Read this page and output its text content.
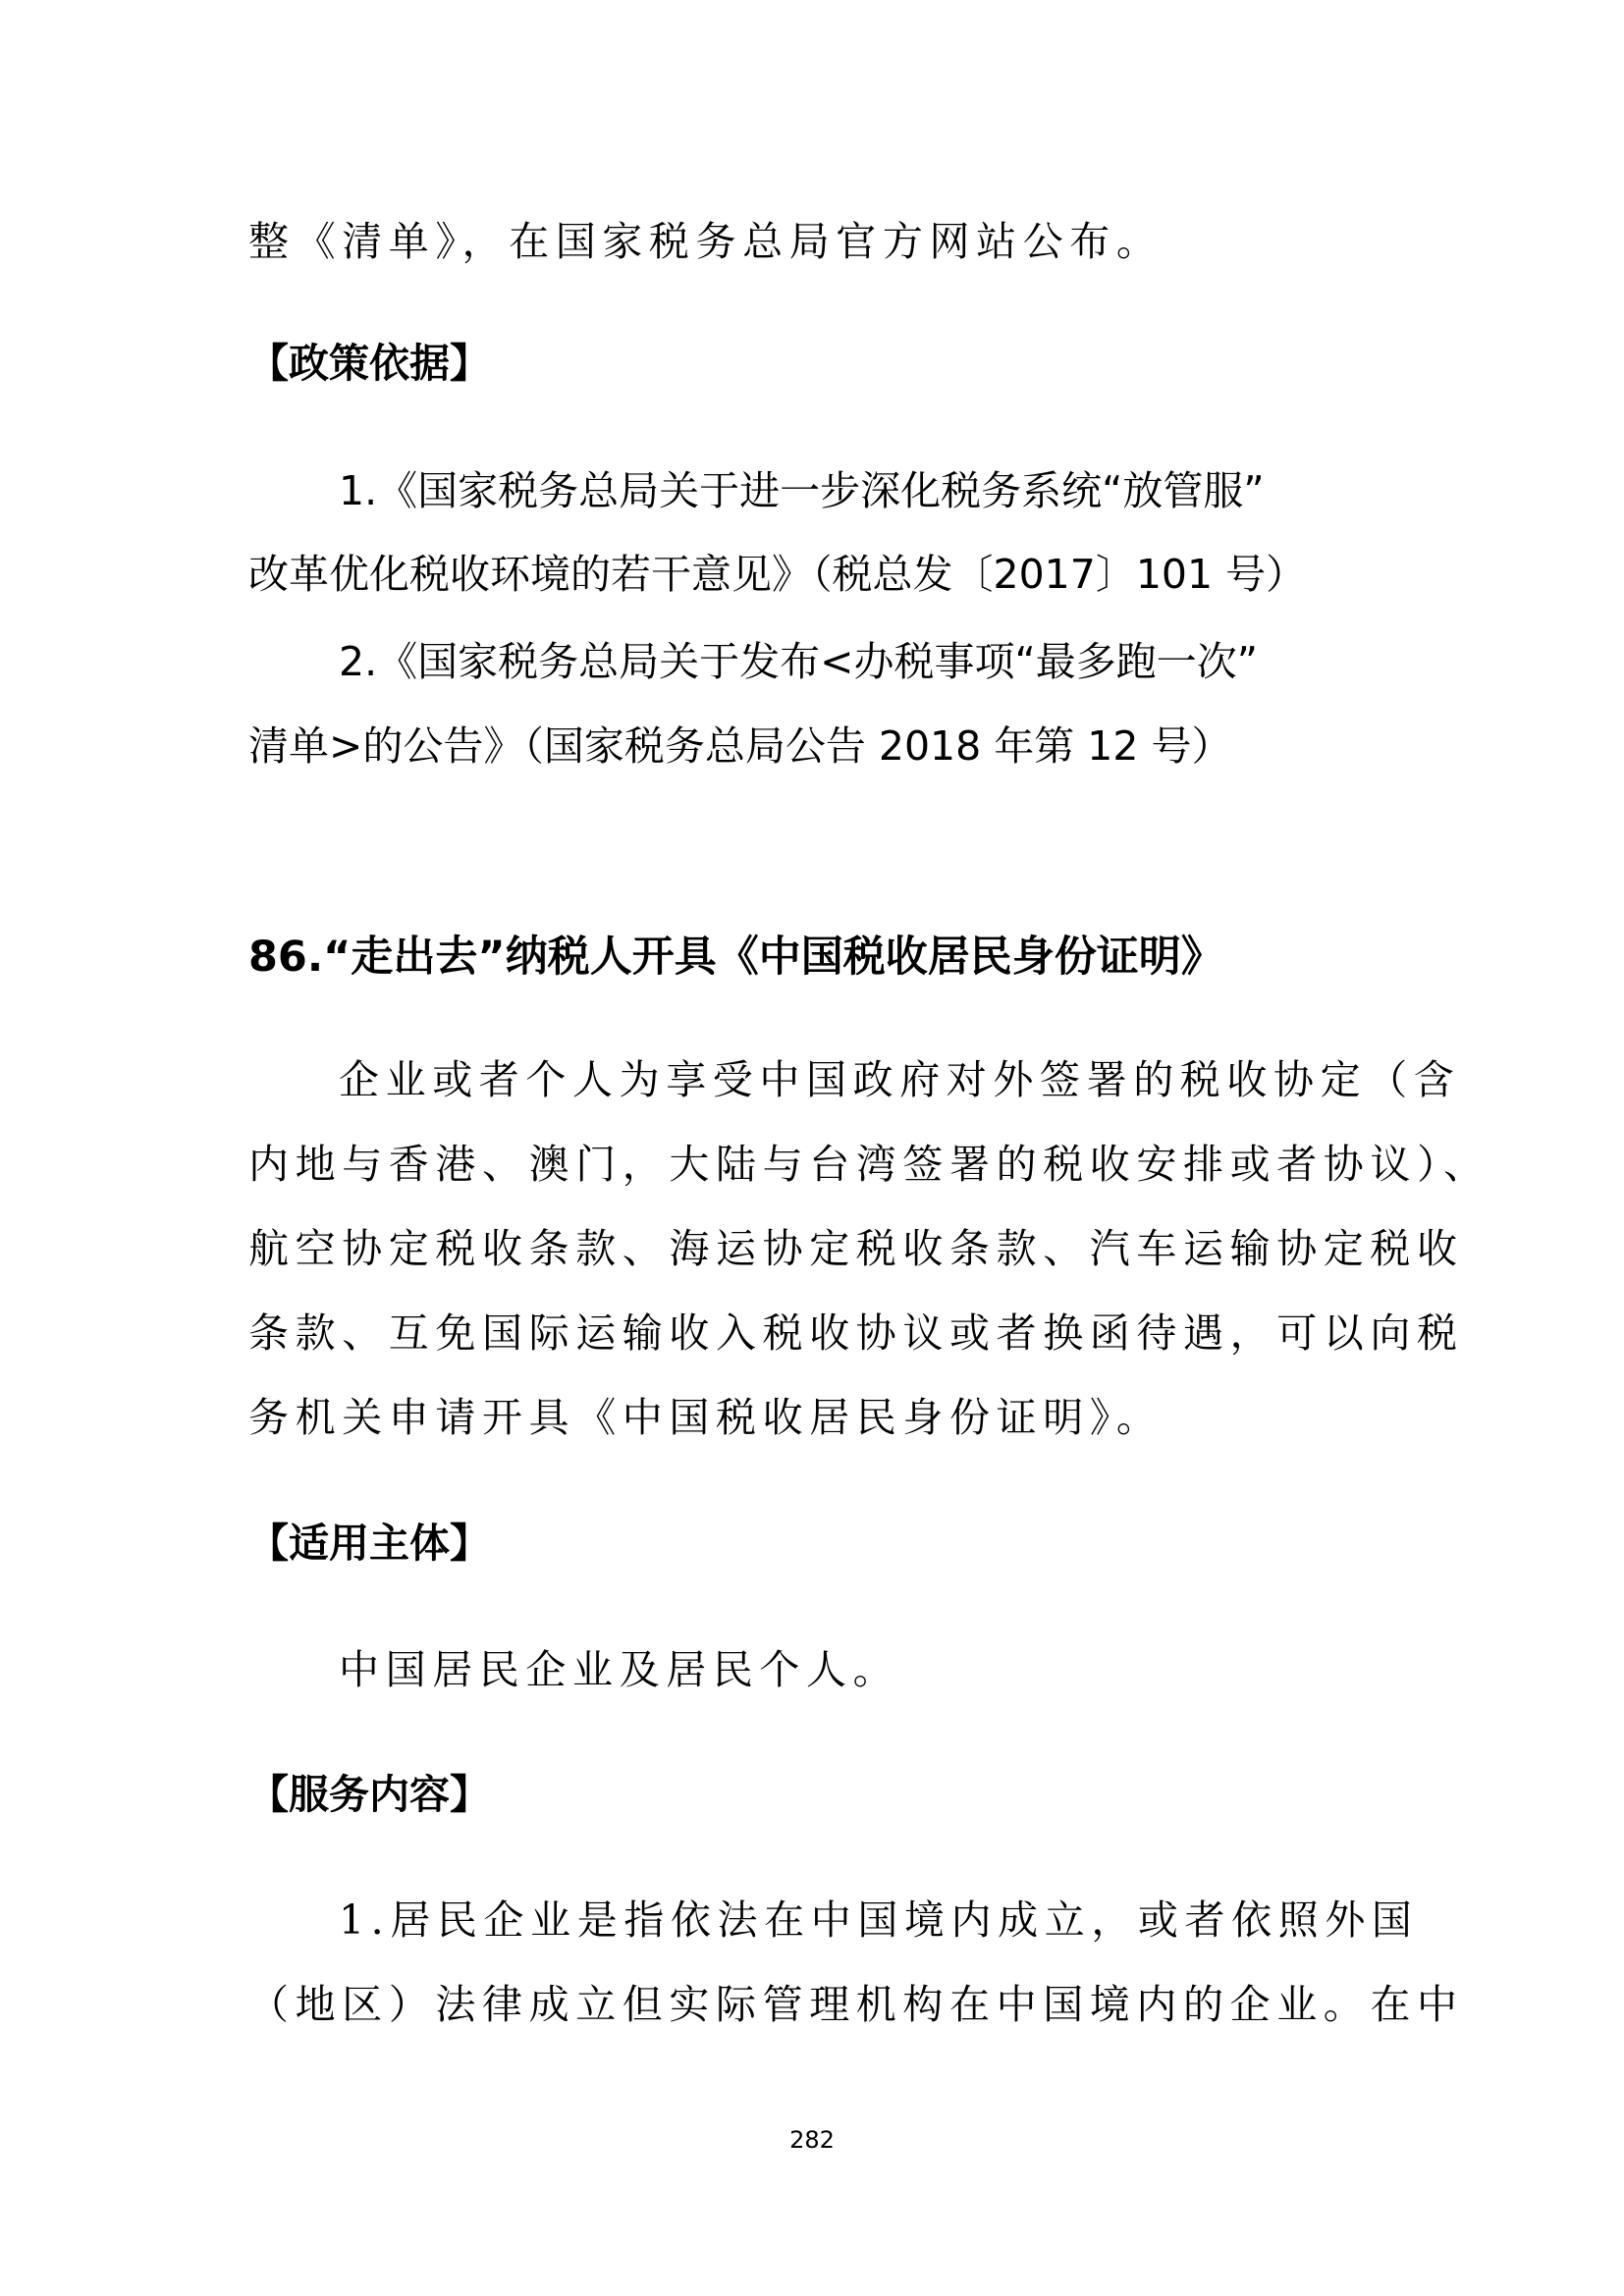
整《清单》，在国家税务总局官方网站公布。
【政策依据】
1.《国家税务总局关于进一步深化税务系统“放管服”
改革优化税收环境的若干意见》（税总发〔2017〕101 号）
2.《国家税务总局关于发布<办税事项“最多跑一次”
清单>的公告》（国家税务总局公告 2018 年第 12 号）
86.“走出去”纳税人开具《中国税收居民身份证明》
企业或者个人为享受中国政府对外签署的税收协定（含
内地与香港、澳门，大陆与台湾签署的税收安排或者协议）、
航空协定税收条款、海运协定税收条款、汽车运输协定税收
条款、互免国际运输收入税收协议或者换函待遇，可以向税
务机关申请开具《中国税收居民身份证明》。
【适用主体】
中国居民企业及居民个人。
【服务内容】
1.居民企业是指依法在中国境内成立，或者依照外国
（地区）法律成立但实际管理机构在中国境内的企业。在中
282
